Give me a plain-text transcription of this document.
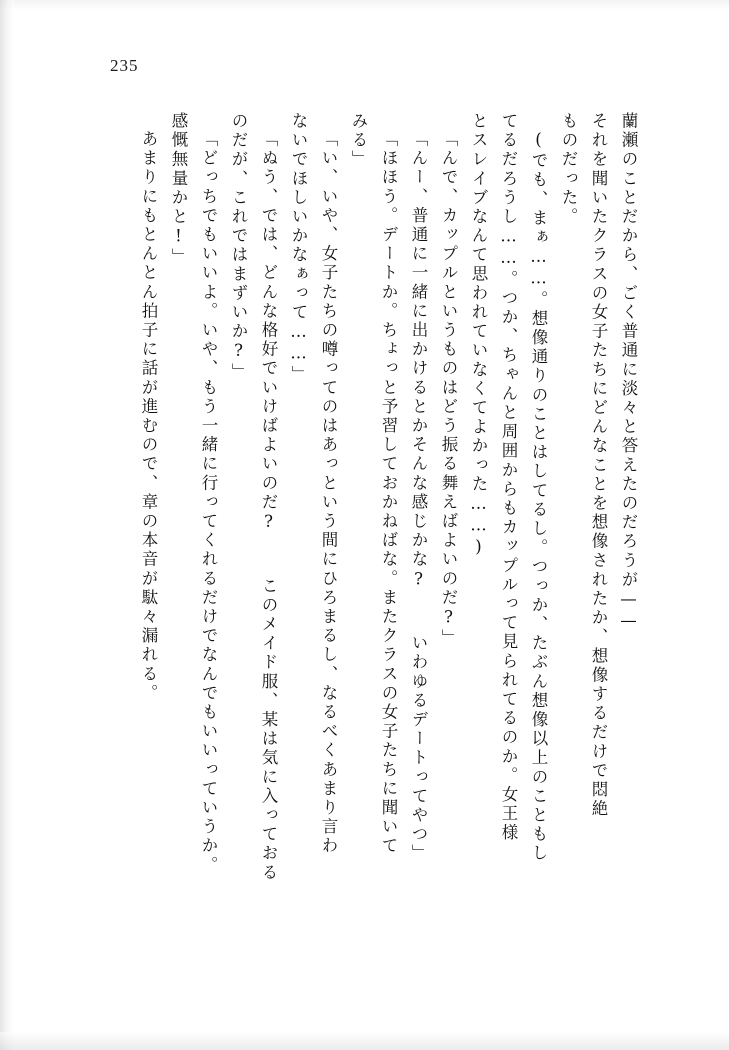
235
蘭瀬のことだから、ごく普通に淡々と答えたのだろうが——
それを聞いたクラスの女子たちにどんなことを想像されたか、想像するだけで悶絶
ものだった。
(でも、まぁ……。想像通りのことはしてるし。つっか、たぶん想像以上のこともし
てるだろうし……。つか、ちゃんと周囲からもカップルって見られてるのか。女王様
とスレイブなんて思われていなくてよかった……)
「んで、カップルというものはどう振る舞えばよいのだ?」
「んー、普通に一緒に出かけるとかそんな感じかな?  いわゆるデートってやつ」
「ほほう。デートか。ちょっと予習しておかねばな。またクラスの女子たちに聞いて
みる」
「い、いや、女子たちの噂ってのはあっという間にひろまるし、なるべくあまり言わ
ないでほしいかなぁって……」
「ぬう、では、どんな格好でいけばよいのだ?  このメイド服、某は気に入っておる
のだが、これではまずいか?」
「どっちでもいいよ。いや、もう一緒に行ってくれるだけでなんでもいいっていうか。
感慨無量かと!」
あまりにもとんとん拍子に話が進むので、章の本音が駄々漏れる。
